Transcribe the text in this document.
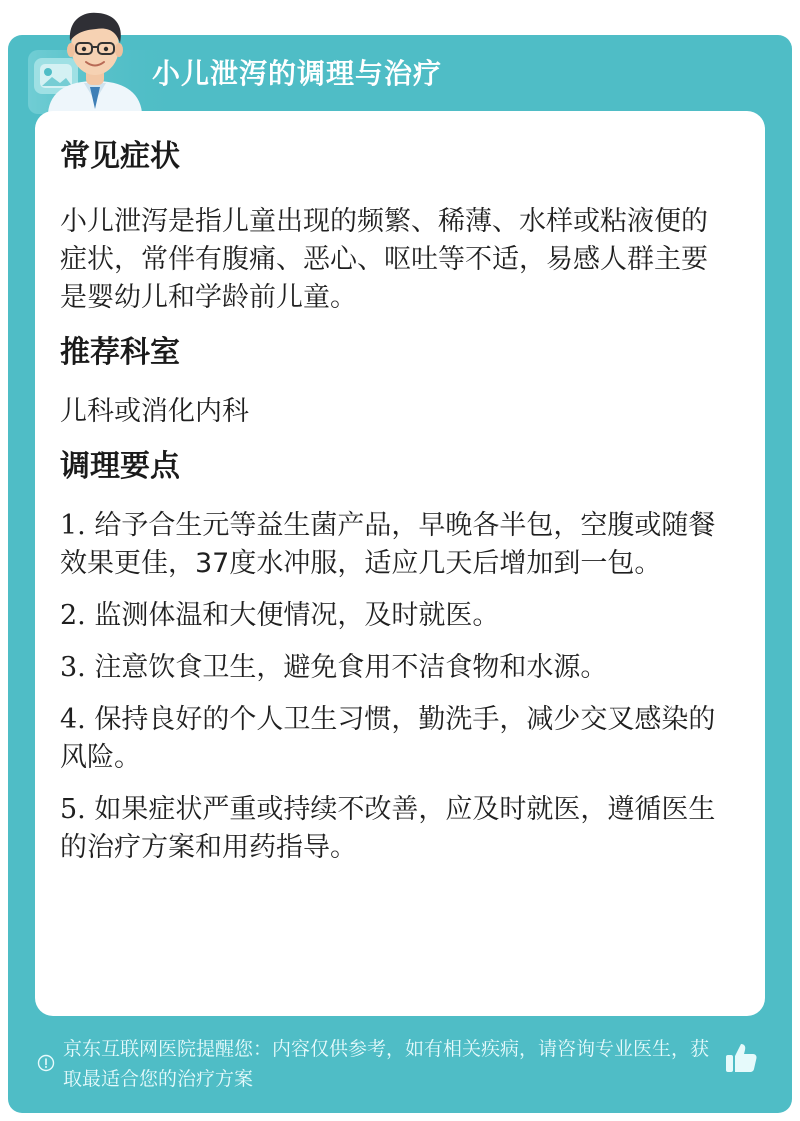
小儿泄泻的调理与治疗
常见症状

小儿泄泻是指儿童出现的频繁、稀薄、水样或粘液便的症状，常伴有腹痛、恶心、呕吐等不适，易感人群主要是婴幼儿和学龄前儿童。

推荐科室

儿科或消化内科

调理要点

1. 给予合生元等益生菌产品，早晚各半包，空腹或随餐效果更佳，37度水冲服，适应几天后增加到一包。

2. 监测体温和大便情况，及时就医。

3. 注意饮食卫生，避免食用不洁食物和水源。

4. 保持良好的个人卫生习惯，勤洗手，减少交叉感染的风险。

5. 如果症状严重或持续不改善，应及时就医，遵循医生的治疗方案和用药指导。

京东互联网医院提醒您：内容仅供参考，如有相关疾病，请咨询专业医生，获取最适合您的治疗方案
